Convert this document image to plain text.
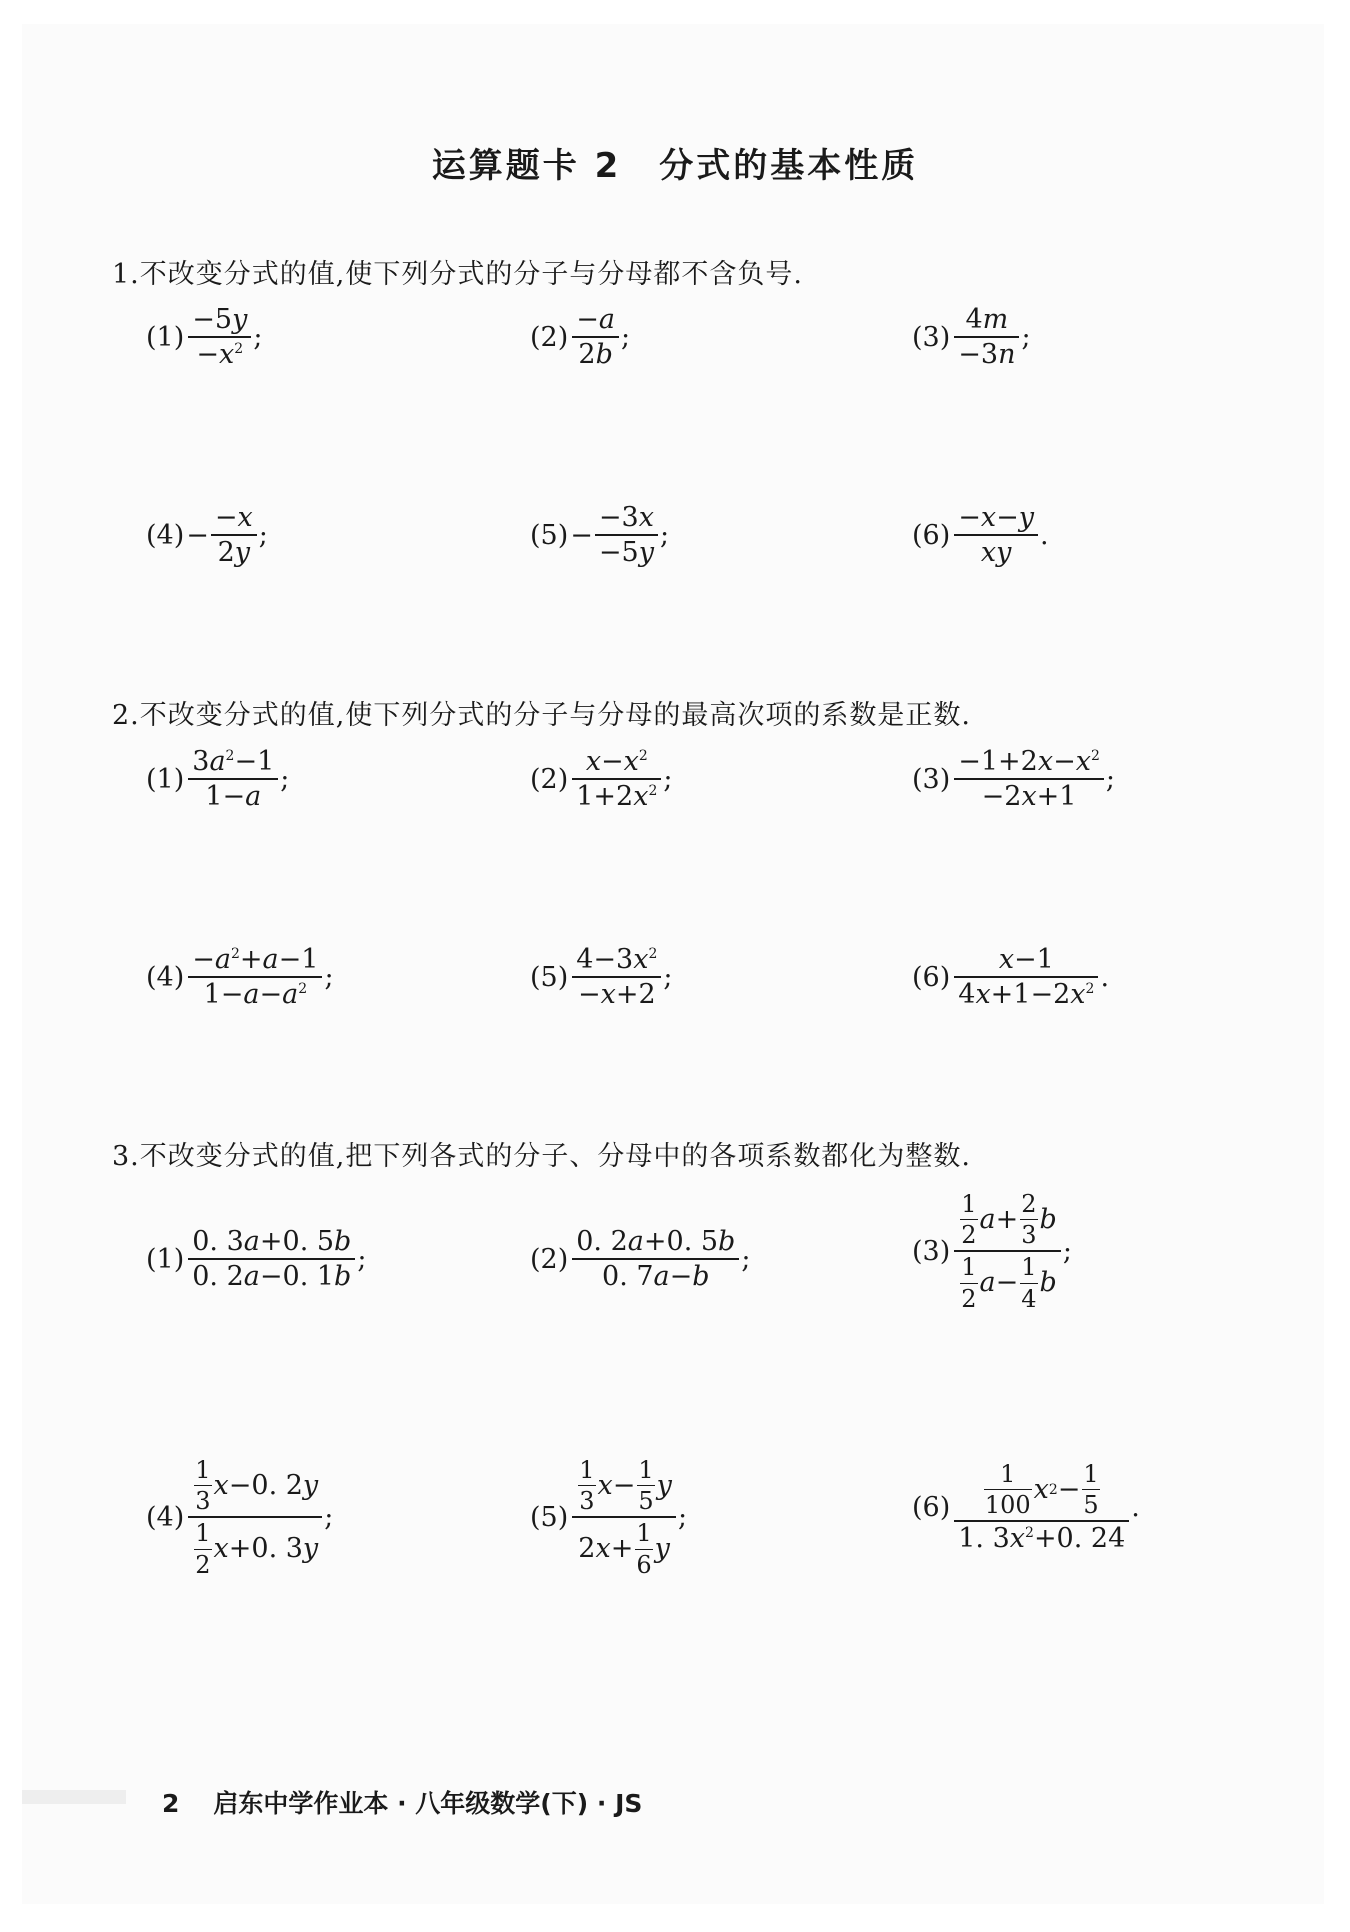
运算题卡 2 分式的基本性质
1.不改变分式的值,使下列分式的分子与分母都不含负号.
$(1) \frac{-5y}{-x^2}$ ;	$(2) \frac{-a}{2b}$ ;	$(3) \frac{4m}{-3n}$ ;
$(4) - \frac{-x}{2y}$ ;	$(5) - \frac{-3x}{-5y}$ ;	$(6) \frac{-x-y}{xy}$ .
2.不改变分式的值,使下列分式的分子与分母的最高次项的系数是正数.
$(1) \frac{3a^2-1}{1-a}$ ;	$(2) \frac{x-x^2}{1+2x^2}$ ;	$(3) \frac{-1+2x-x^2}{-2x+1}$ ;
$(4) \frac{-a^2+a-1}{1-a-a^2}$ ;	$(5) \frac{4-3x^2}{-x+2}$ ;	$(6) \frac{x-1}{4x+1-2x^2}$ .
3.不改变分式的值,把下列各式的分子、分母中的各项系数都化为整数.
$(1) \frac{0. 3a+0. 5b}{0. 2a-0. 1b}$ ;	$(2) \frac{0. 2a+0. 5b}{0. 7a-b}$ ;	$(3) \frac{\frac{1}{2} a + \frac{2}{3} b}{\frac{1}{2} a - \frac{1}{4} b}$ ;
$(4) \frac{\frac{1}{3} x -0. 2 y}{\frac{1}{2} x +0. 3 y}$ ;	$(5) \frac{\frac{1}{3} x - \frac{1}{5} y}{2 x + \frac{1}{6} y}$ ;	$(6) \frac{\frac{1}{100} x 2 - \frac{1}{5}}{1. 3x^2+0. 24}$ .
2 启东中学作业本 · 八年级数学(下) · JS
